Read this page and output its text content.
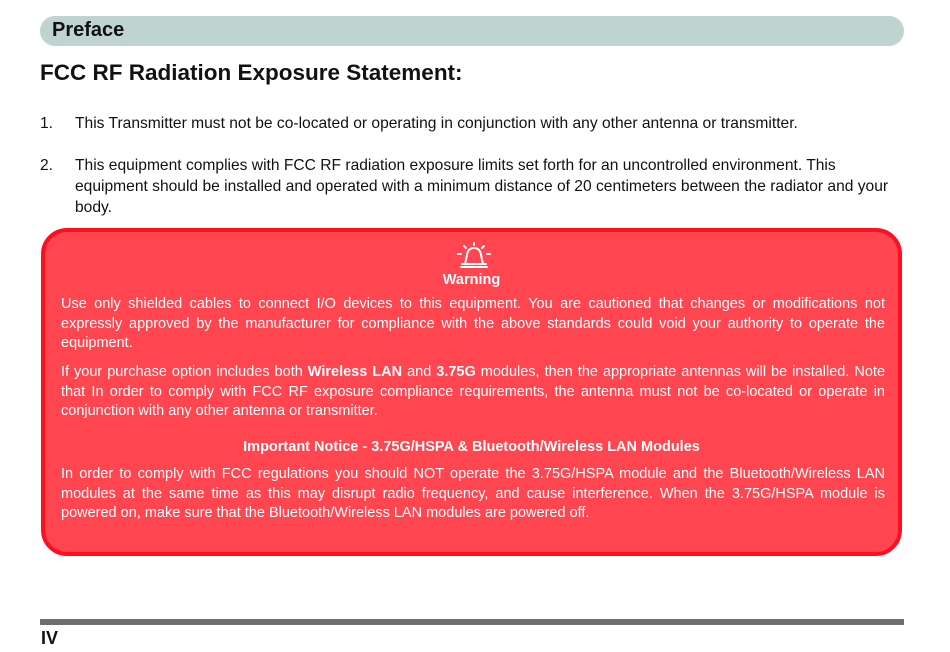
Preface
FCC RF Radiation Exposure Statement:
1. This Transmitter must not be co-located or operating in conjunction with any other antenna or transmitter.
2. This equipment complies with FCC RF radiation exposure limits set forth for an uncontrolled environment. This equipment should be installed and operated with a minimum distance of 20 centimeters between the radiator and your body.
Warning

Use only shielded cables to connect I/O devices to this equipment. You are cautioned that changes or modifications not expressly approved by the manufacturer for compliance with the above standards could void your authority to operate the equipment.

If your purchase option includes both Wireless LAN and 3.75G modules, then the appropriate antennas will be installed. Note that In order to comply with FCC RF exposure compliance requirements, the antenna must not be co-located or operate in conjunction with any other antenna or transmitter.

Important Notice - 3.75G/HSPA & Bluetooth/Wireless LAN Modules

In order to comply with FCC regulations you should NOT operate the 3.75G/HSPA module and the Bluetooth/Wireless LAN modules at the same time as this may disrupt radio frequency, and cause interference. When the 3.75G/HSPA module is powered on, make sure that the Bluetooth/Wireless LAN modules are powered off.

IV
